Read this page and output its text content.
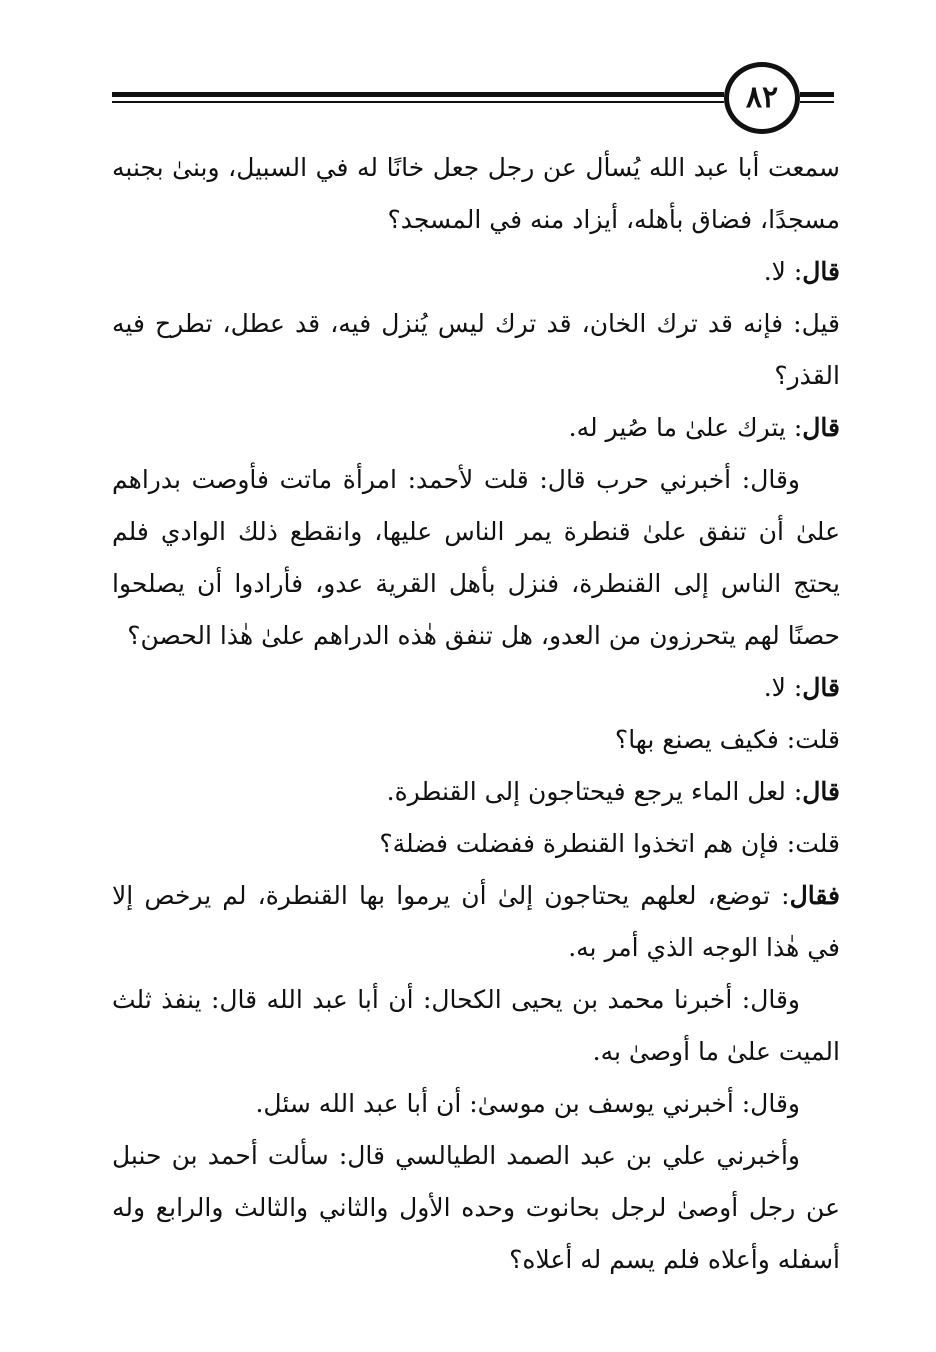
٨٢

سمعت أبا عبد الله يُسأل عن رجل جعل خانًا له في السبيل، وبنىٰ بجنبه مسجدًا، فضاق بأهله، أيزاد منه في المسجد؟

قال: لا.

قيل: فإنه قد ترك الخان، قد ترك ليس يُنزل فيه، قد عطل، تطرح فيه القذر؟

قال: يترك علىٰ ما صُير له.

وقال: أخبرني حرب قال: قلت لأحمد: امرأة ماتت فأوصت بدراهم علىٰ أن تنفق علىٰ قنطرة يمر الناس عليها، وانقطع ذلك الوادي فلم يحتج الناس إلى القنطرة، فنزل بأهل القرية عدو، فأرادوا أن يصلحوا حصنًا لهم يتحرزون من العدو، هل تنفق هٰذه الدراهم علىٰ هٰذا الحصن؟

قال: لا.

قلت: فكيف يصنع بها؟

قال: لعل الماء يرجع فيحتاجون إلى القنطرة.

قلت: فإن هم اتخذوا القنطرة ففضلت فضلة؟

فقال: توضع، لعلهم يحتاجون إلىٰ أن يرموا بها القنطرة، لم يرخص إلا في هٰذا الوجه الذي أمر به.

وقال: أخبرنا محمد بن يحيى الكحال: أن أبا عبد الله قال: ينفذ ثلث الميت علىٰ ما أوصىٰ به.

وقال: أخبرني يوسف بن موسىٰ: أن أبا عبد الله سئل.

وأخبرني علي بن عبد الصمد الطيالسي قال: سألت أحمد بن حنبل عن رجل أوصىٰ لرجل بحانوت وحده الأول والثاني والثالث والرابع وله أسفله وأعلاه فلم يسم له أعلاه؟
